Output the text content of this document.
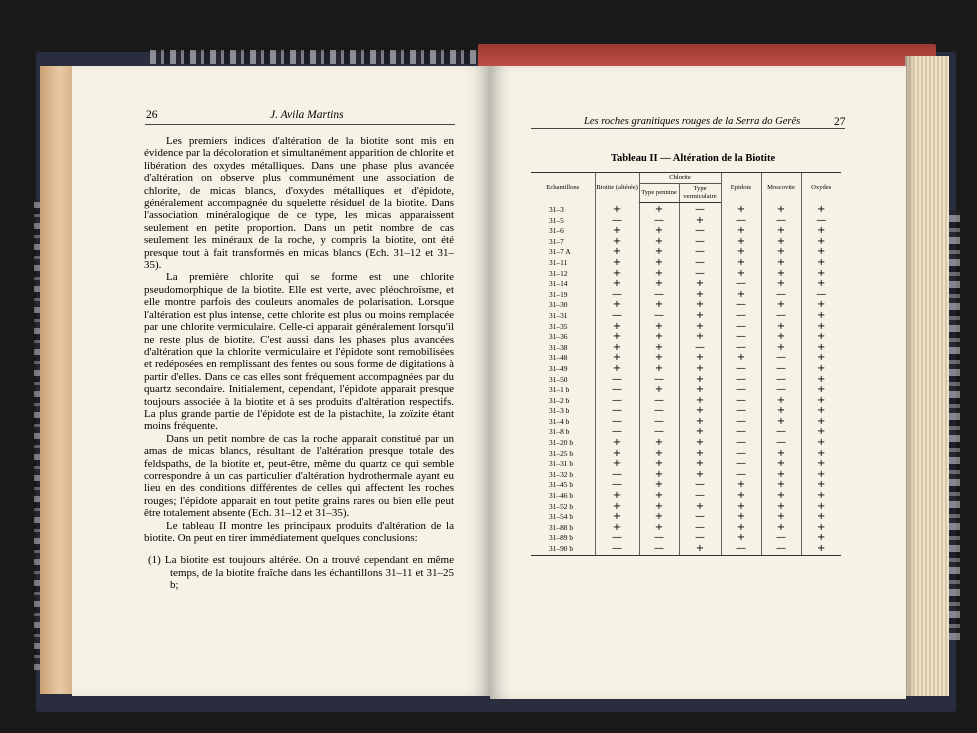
26	J. Avila Martins

Les premiers indices d'altération de la biotite sont mis en évidence par la décoloration et simultanément apparition de chlorite et libération des oxydes métalliques. Dans une phase plus avancée d'altération on observe plus communément une association de chlorite, de micas blancs, d'oxydes métalliques et d'épidote, généralement accompagnée du squelette résiduel de la biotite. Dans l'association minéralogique de ce type, les micas apparaissent seulement en petite proportion. Dans un petit nombre de cas seulement les minéraux de la roche, y compris la biotite, ont été presque tout à fait transformés en micas blancs (Ech. 31–12 et 31–35).

La première chlorite qui se forme est une chlorite pseudomorphique de la biotite. Elle est verte, avec pléochroïsme, et elle montre parfois des couleurs anomales de polarisation. Lorsque l'altération est plus intense, cette chlorite est plus ou moins remplacée par une chlorite vermiculaire. Celle-ci apparait généralement lorsqu'il ne reste plus de biotite. C'est aussi dans les phases plus avancées d'altération que la chlorite vermiculaire et l'épidote sont remobilisées et redéposées en remplissant des fentes ou sous forme de digitations à partir d'elles. Dans ce cas elles sont fréquement accompagnées par du quartz secondaire. Initialement, cependant, l'épidote apparait presque toujours associée à la biotite et à ses produits d'altération respectifs. La plus grande partie de l'épidote est de la pistachite, la zoïzite étant moins fréquente.

Dans un petit nombre de cas la roche apparait constitué par un amas de micas blancs, résultant de l'altération presque totale des feldspaths, de la biotite et, peut-être, même du quartz ce qui semble correspondre à un cas particulier d'altération hydrothermale ayant eu lieu en des conditions différentes de celles qui affectent les roches rouges; l'épidote apparait en tout petite grains rares ou bien elle peut être totalement absente (Ech. 31–12 et 31–35).

Le tableau II montre les principaux produits d'altération de la biotite. On peut en tirer immédiatement quelques conclusions:

(1) La biotite est toujours altérée. On a trouvé cependant en même temps, de la biotite fraîche dans les échantillons 31–11 et 31–25 b;

Les roches granitiques rouges de la Serra do Gerês	27
Tableau II — Altération de la Biotite
Echantillons	Biotite (altérée)	Chlorite		Epidote	Moscovite	Oxydes
		Type pennine	Type vermiculaire			
31–3	+	+	—	+	+	+
31–5	—	—	+	—	—	—
31–6	+	+	—	+	+	+
31–7	+	+	—	+	+	+
31–7 A	+	+	—	+	+	+
31–11	+	+	—	+	+	+
31–12	+	+	—	+	+	+
31–14	+	+	+	—	+	+
31–19	—	—	+	+	—	—
31–30	+	+	+	—	+	+
31–31	—	—	+	—	—	+
31–35	+	+	+	—	+	+
31–36	+	+	+	—	+	+
31–38	+	+	—	—	+	+
31–48	+	+	+	+	—	+
31–49	+	+	+	—	—	+
31–50	—	—	+	—	—	+
31–1 b	—	+	+	—	—	+
31–2 b	—	—	+	—	+	+
31–3 b	—	—	+	—	+	+
31–4 b	—	—	+	—	+	+
31–8 b	—	—	+	—	—	+
31–20 b	+	+	+	—	—	+
31–25 b	+	+	+	—	+	+
31–31 b	+	+	+	—	+	+
31–32 b	—	+	+	—	+	+
31–45 b	—	+	—	+	+	+
31–46 b	+	+	—	+	+	+
31–52 b	+	+	+	+	+	+
31–54 b	+	+	—	+	+	+
31–88 b	+	+	—	+	+	+
31–89 b	—	—	—	+	—	+
31–90 b	—	—	+	—	—	+
